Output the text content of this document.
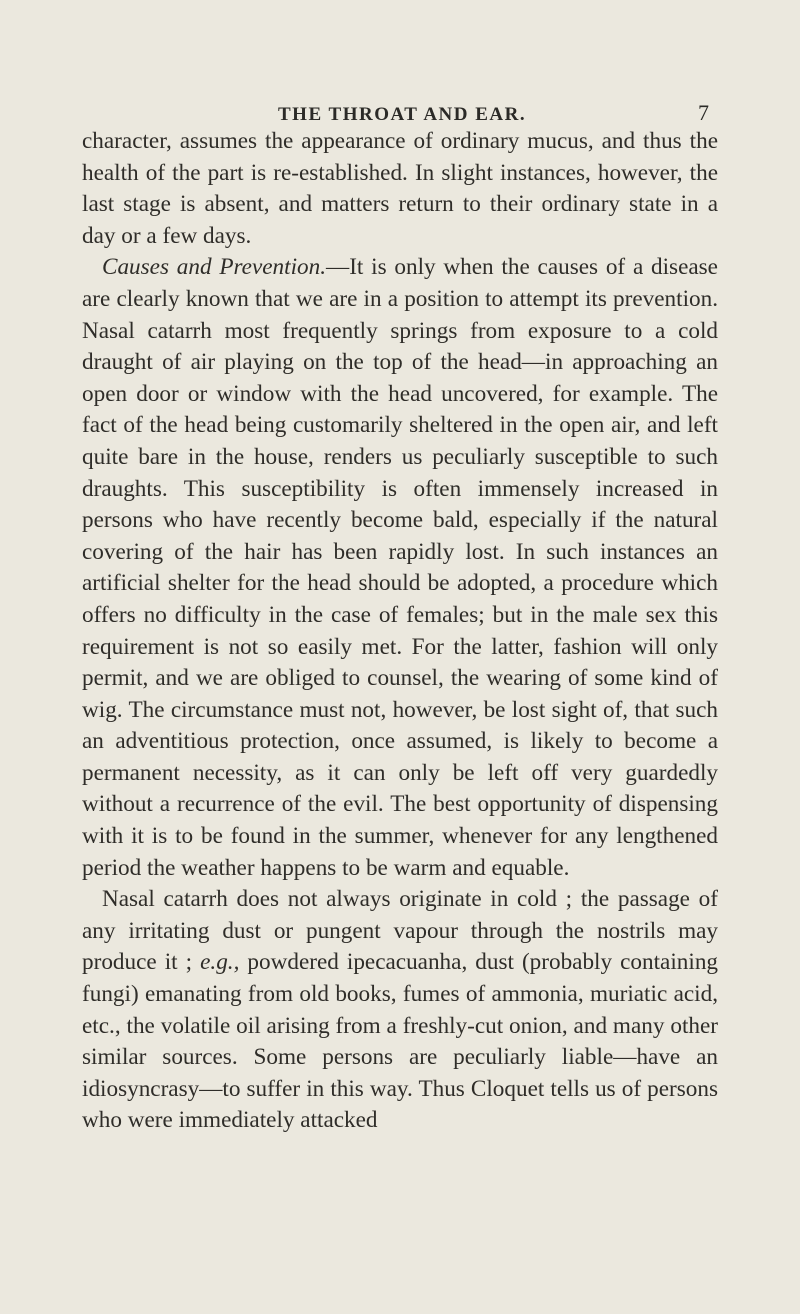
THE THROAT AND EAR.	7

character, assumes the appearance of ordinary mucus, and thus the health of the part is re-established. In slight instances, however, the last stage is absent, and matters return to their ordinary state in a day or a few days.

Causes and Prevention.—It is only when the causes of a disease are clearly known that we are in a position to attempt its prevention. Nasal catarrh most frequently springs from exposure to a cold draught of air playing on the top of the head—in approaching an open door or window with the head uncovered, for example. The fact of the head being customarily sheltered in the open air, and left quite bare in the house, renders us peculiarly susceptible to such draughts. This susceptibility is often immensely increased in persons who have recently become bald, especially if the natural covering of the hair has been rapidly lost. In such instances an artificial shelter for the head should be adopted, a procedure which offers no difficulty in the case of females; but in the male sex this requirement is not so easily met. For the latter, fashion will only permit, and we are obliged to counsel, the wearing of some kind of wig. The circumstance must not, however, be lost sight of, that such an adventitious protection, once assumed, is likely to become a permanent necessity, as it can only be left off very guardedly without a recurrence of the evil. The best opportunity of dispensing with it is to be found in the summer, whenever for any lengthened period the weather happens to be warm and equable.

Nasal catarrh does not always originate in cold ; the passage of any irritating dust or pungent vapour through the nostrils may produce it ; e.g., powdered ipecacuanha, dust (probably containing fungi) emanating from old books, fumes of ammonia, muriatic acid, etc., the volatile oil arising from a freshly-cut onion, and many other similar sources. Some persons are peculiarly liable—have an idiosyncrasy—to suffer in this way. Thus Cloquet tells us of persons who were immediately attacked
